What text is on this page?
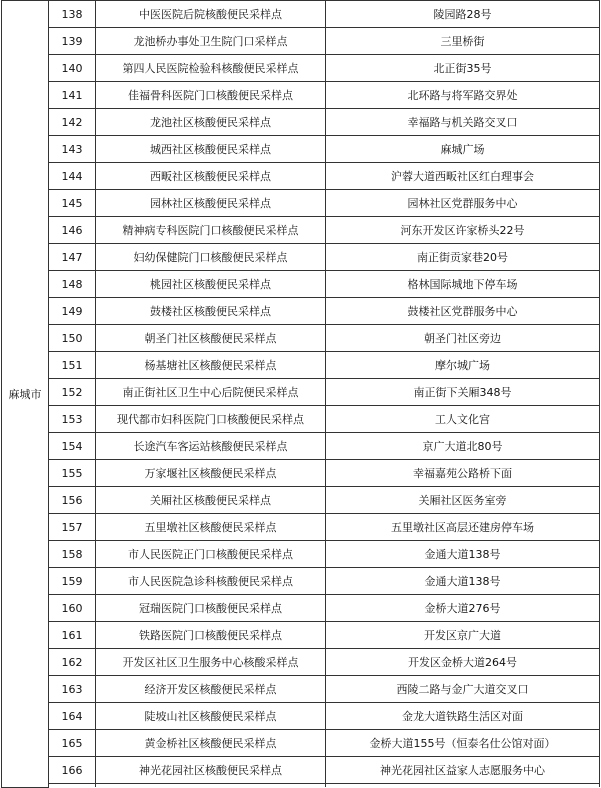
麻城市	138	中医医院后院核酸便民采样点	陵园路28号
	139	龙池桥办事处卫生院门口采样点	三里桥街
	140	第四人民医院检验科核酸便民采样点	北正街35号
	141	佳福骨科医院门口核酸便民采样点	北环路与将军路交界处
	142	龙池社区核酸便民采样点	幸福路与机关路交叉口
	143	城西社区核酸便民采样点	麻城广场
	144	西畈社区核酸便民采样点	沪蓉大道西畈社区红白理事会
	145	园林社区核酸便民采样点	园林社区党群服务中心
	146	精神病专科医院门口核酸便民采样点	河东开发区许家桥头22号
	147	妇幼保健院门口核酸便民采样点	南正街贡家巷20号
	148	桃园社区核酸便民采样点	格林国际城地下停车场
	149	鼓楼社区核酸便民采样点	鼓楼社区党群服务中心
	150	朝圣门社区核酸便民采样点	朝圣门社区旁边
	151	杨基塘社区核酸便民采样点	摩尔城广场
	152	南正街社区卫生中心后院便民采样点	南正街下关厢348号
	153	现代都市妇科医院门口核酸便民采样点	工人文化宫
	154	长途汽车客运站核酸便民采样点	京广大道北80号
	155	万家堰社区核酸便民采样点	幸福嘉苑公路桥下面
	156	关厢社区核酸便民采样点	关厢社区医务室旁
	157	五里墩社区核酸便民采样点	五里墩社区高层还建房停车场
	158	市人民医院正门口核酸便民采样点	金通大道138号
	159	市人民医院急诊科核酸便民采样点	金通大道138号
	160	冠瑞医院门口核酸便民采样点	金桥大道276号
	161	铁路医院门口核酸便民采样点	开发区京广大道
	162	开发区社区卫生服务中心核酸采样点	开发区金桥大道264号
	163	经济开发区核酸便民采样点	西陵二路与金广大道交叉口
	164	陡坡山社区核酸便民采样点	金龙大道铁路生活区对面
	165	黄金桥社区核酸便民采样点	金桥大道155号（恒泰名仕公馆对面）
	166	神光花园社区核酸便民采样点	神光花园社区益家人志愿服务中心
